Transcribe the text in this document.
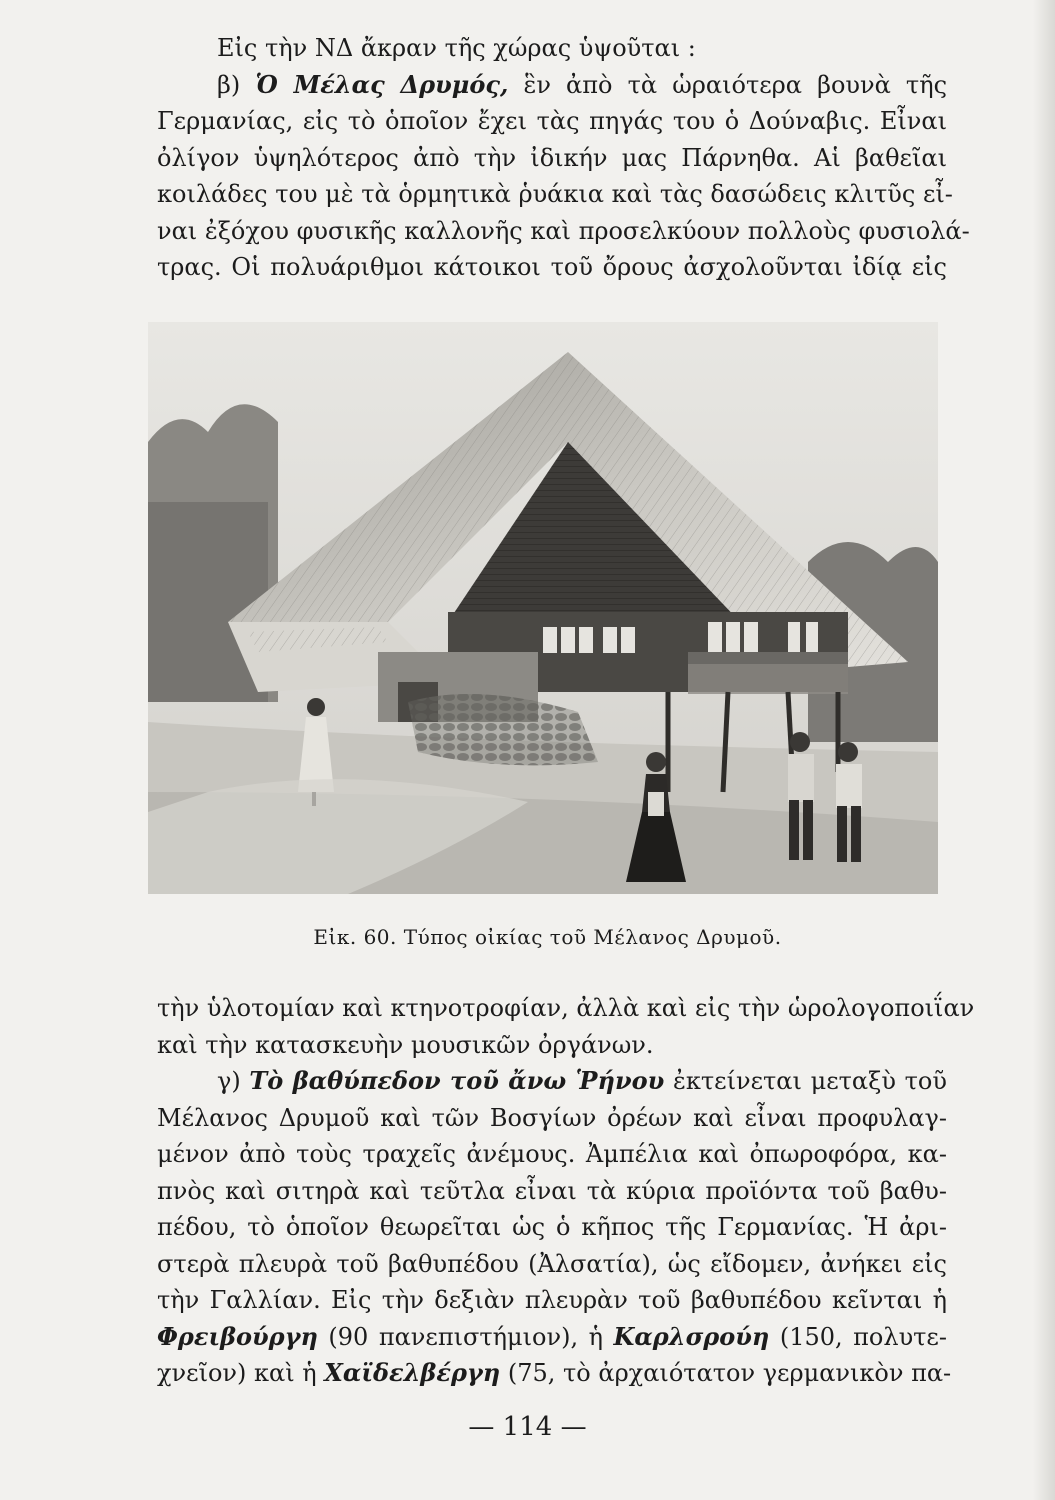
Εἰς τὴν ΝΔ ἄκραν τῆς χώρας ὑψοῦται :
β) Ὁ Μέλας Δρυμός, ἓν ἀπὸ τὰ ὡραιότερα βουνὰ τῆς
Γερμανίας, εἰς τὸ ὁποῖον ἔχει τὰς πηγάς του ὁ Δούναβις. Εἶναι
ὀλίγον ὑψηλότερος ἀπὸ τὴν ἰδικήν μας Πάρνηθα. Αἱ βαθεῖαι
κοιλάδες του μὲ τὰ ὁρμητικὰ ῥυάκια καὶ τὰς δασώδεις κλιτῦς εἶ-
ναι ἐξόχου φυσικῆς καλλονῆς καὶ προσελκύουν πολλοὺς φυσιολά-
τρας. Οἱ πολυάριθμοι κάτοικοι τοῦ ὄρους ἀσχολοῦνται ἰδίᾳ εἰς
Εἰκ. 60. Τύπος οἰκίας τοῦ Μέλανος Δρυμοῦ.
τὴν ὑλοτομίαν καὶ κτηνοτροφίαν, ἀλλὰ καὶ εἰς τὴν ὡρολογοποιΐαν
καὶ τὴν κατασκευὴν μουσικῶν ὀργάνων.
γ) Τὸ βαθύπεδον τοῦ ἄνω Ῥήνου ἐκτείνεται μεταξὺ τοῦ
Μέλανος Δρυμοῦ καὶ τῶν Βοσγίων ὀρέων καὶ εἶναι προφυλαγ-
μένον ἀπὸ τοὺς τραχεῖς ἀνέμους. Ἀμπέλια καὶ ὀπωροφόρα, κα-
πνὸς καὶ σιτηρὰ καὶ τεῦτλα εἶναι τὰ κύρια προϊόντα τοῦ βαθυ-
πέδου, τὸ ὁποῖον θεωρεῖται ὡς ὁ κῆπος τῆς Γερμανίας. Ἡ ἀρι-
στερὰ πλευρὰ τοῦ βαθυπέδου (Ἀλσατία), ὡς εἴδομεν, ἀνήκει εἰς
τὴν Γαλλίαν. Εἰς τὴν δεξιὰν πλευρὰν τοῦ βαθυπέδου κεῖνται ἡ
Φρειβούργη (90 πανεπιστήμιον), ἡ Καρλσρούη (150, πολυτε-
χνεῖον) καὶ ἡ Χαϊδελβέργη (75, τὸ ἀρχαιότατον γερμανικὸν πα-
— 114 —
